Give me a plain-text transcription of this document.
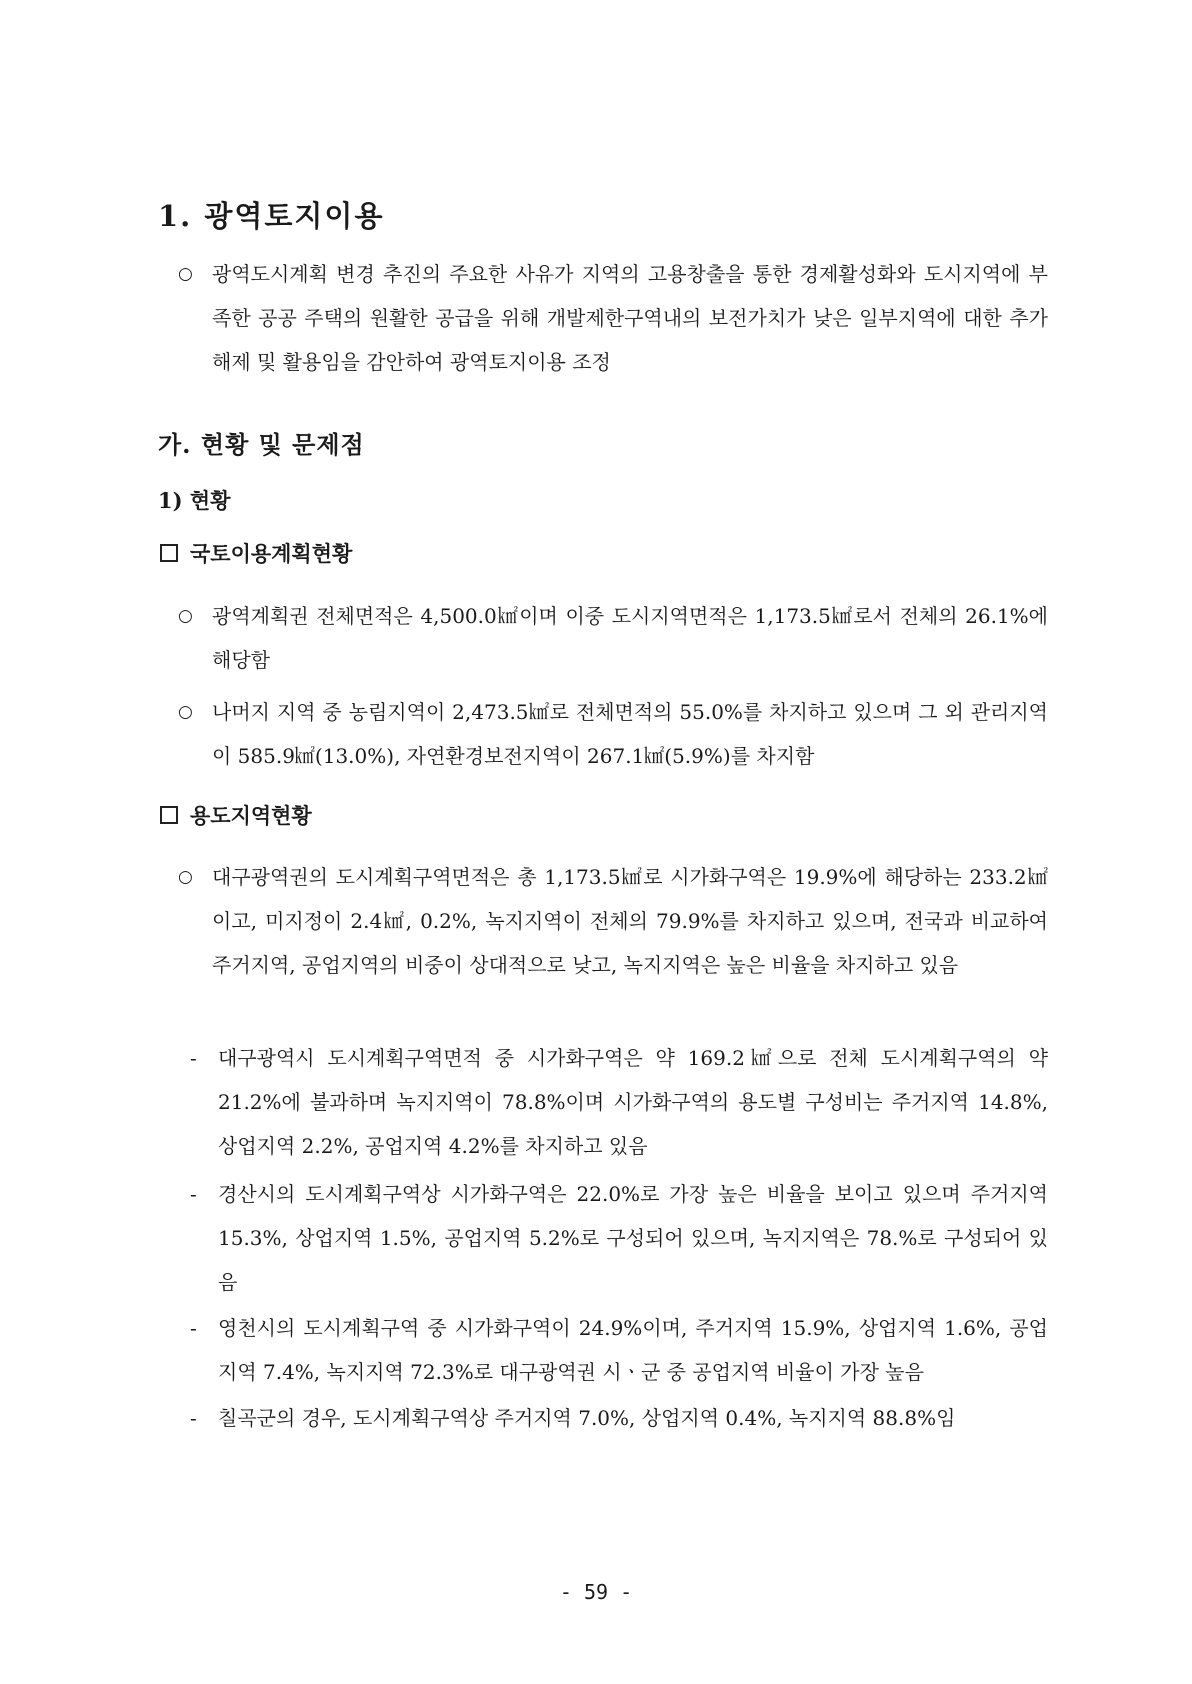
1. 광역토지이용
○ 광역도시계획 변경 추진의 주요한 사유가 지역의 고용창출을 통한 경제활성화와 도시지역에 부족한 공공 주택의 원활한 공급을 위해 개발제한구역내의 보전가치가 낮은 일부지역에 대한 추가 해제 및 활용임을 감안하여 광역토지이용 조정
가. 현황 및 문제점
1) 현황
국토이용계획현황
○ 광역계획권 전체면적은 4,500.0㎢이며 이중 도시지역면적은 1,173.5㎢로서 전체의 26.1%에 해당함
○ 나머지 지역 중 농림지역이 2,473.5㎢로 전체면적의 55.0%를 차지하고 있으며 그 외 관리지역이 585.9㎢(13.0%), 자연환경보전지역이 267.1㎢(5.9%)를 차지함
용도지역현황
○ 대구광역권의 도시계획구역면적은 총 1,173.5㎢로 시가화구역은 19.9%에 해당하는 233.2㎢이고, 미지정이 2.4㎢, 0.2%, 녹지지역이 전체의 79.9%를 차지하고 있으며, 전국과 비교하여 주거지역, 공업지역의 비중이 상대적으로 낮고, 녹지지역은 높은 비율을 차지하고 있음
-	대구광역시 도시계획구역면적 중 시가화구역은 약 169.2㎢으로 전체 도시계획구역의 약 21.2%에 불과하며 녹지지역이 78.8%이며 시가화구역의 용도별 구성비는 주거지역 14.8%, 상업지역 2.2%, 공업지역 4.2%를 차지하고 있음
-	경산시의 도시계획구역상 시가화구역은 22.0%로 가장 높은 비율을 보이고 있으며 주거지역 15.3%, 상업지역 1.5%, 공업지역 5.2%로 구성되어 있으며, 녹지지역은 78.%로 구성되어 있음
-	영천시의 도시계획구역 중 시가화구역이 24.9%이며, 주거지역 15.9%, 상업지역 1.6%, 공업지역 7.4%, 녹지지역 72.3%로 대구광역권 시ㆍ군 중 공업지역 비율이 가장 높음
-	칠곡군의 경우, 도시계획구역상 주거지역 7.0%, 상업지역 0.4%, 녹지지역 88.8%임
- 59 -
